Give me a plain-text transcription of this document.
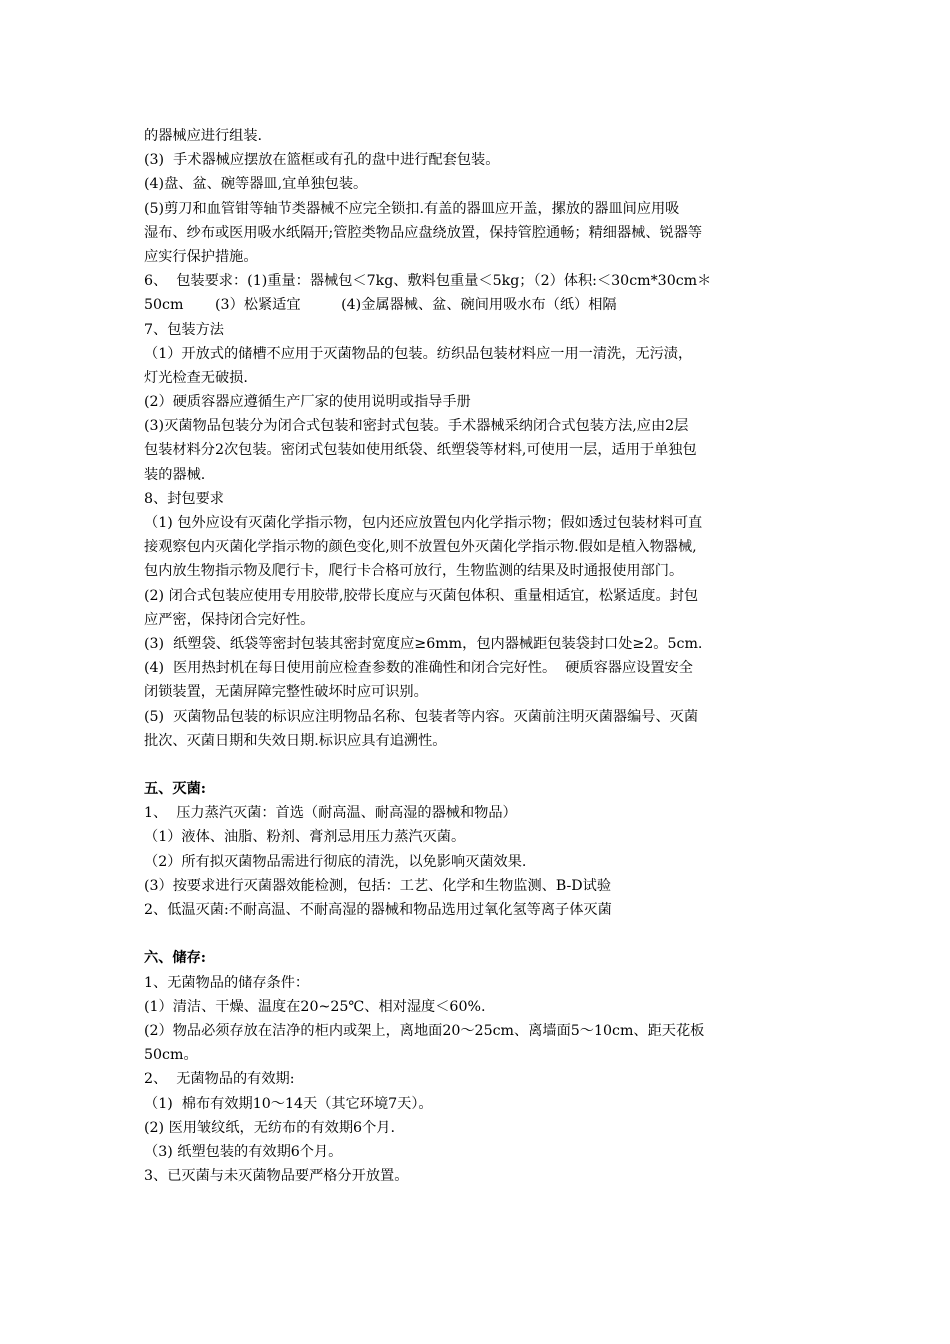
的器械应进行组装.
(3)  手术器械应摆放在篮框或有孔的盘中进行配套包装。
(4)盘、盆、碗等器皿,宜单独包装。
(5)剪刀和血管钳等轴节类器械不应完全锁扣.有盖的器皿应开盖，摞放的器皿间应用吸
湿布、纱布或医用吸水纸隔开;管腔类物品应盘绕放置，保持管腔通畅；精细器械、锐器等
应实行保护措施。
6、  包装要求：(1)重量：器械包＜7kg、敷料包重量＜5kg；（2）体积:＜30cm*30cm＊
50cm       (3）松紧适宜         (4)金属器械、盆、碗间用吸水布（纸）相隔
7、包装方法
（1）开放式的储槽不应用于灭菌物品的包装。纺织品包装材料应一用一清洗，无污渍，
灯光检查无破损.
(2）硬质容器应遵循生产厂家的使用说明或指导手册
(3)灭菌物品包装分为闭合式包装和密封式包装。手术器械采纳闭合式包装方法,应由2层
包装材料分2次包装。密闭式包装如使用纸袋、纸塑袋等材料,可使用一层，适用于单独包
装的器械.
8、封包要求
（1) 包外应设有灭菌化学指示物，包内还应放置包内化学指示物；假如透过包装材料可直
接观察包内灭菌化学指示物的颜色变化,则不放置包外灭菌化学指示物.假如是植入物器械,
包内放生物指示物及爬行卡，爬行卡合格可放行，生物监测的结果及时通报使用部门。
(2) 闭合式包装应使用专用胶带,胶带长度应与灭菌包体积、重量相适宜，松紧适度。封包
应严密，保持闭合完好性。
(3)  纸塑袋、纸袋等密封包装其密封宽度应≥6mm，包内器械距包装袋封口处≥2。5cm.
(4)  医用热封机在每日使用前应检查参数的准确性和闭合完好性。  硬质容器应设置安全
闭锁装置，无菌屏障完整性破坏时应可识别。
(5)  灭菌物品包装的标识应注明物品名称、包装者等内容。灭菌前注明灭菌器编号、灭菌
批次、灭菌日期和失效日期.标识应具有追溯性。
五、灭菌:
1、  压力蒸汽灭菌：首选（耐高温、耐高湿的器械和物品）
（1）液体、油脂、粉剂、膏剂忌用压力蒸汽灭菌。
（2）所有拟灭菌物品需进行彻底的清洗，以免影响灭菌效果.
(3）按要求进行灭菌器效能检测，包括：工艺、化学和生物监测、B-D试验
2、低温灭菌:不耐高温、不耐高湿的器械和物品选用过氧化氢等离子体灭菌
六、储存:
1、无菌物品的储存条件：
(1）清洁、干燥、温度在20~25℃、相对湿度＜60%.
(2）物品必须存放在洁净的柜内或架上，离地面20～25cm、离墙面5～10cm、距天花板
50cm。
2、  无菌物品的有效期:
（1)  棉布有效期10～14天（其它环境7天）。
(2) 医用皱纹纸，无纺布的有效期6个月.
（3) 纸塑包装的有效期6个月。
3、已灭菌与未灭菌物品要严格分开放置。
